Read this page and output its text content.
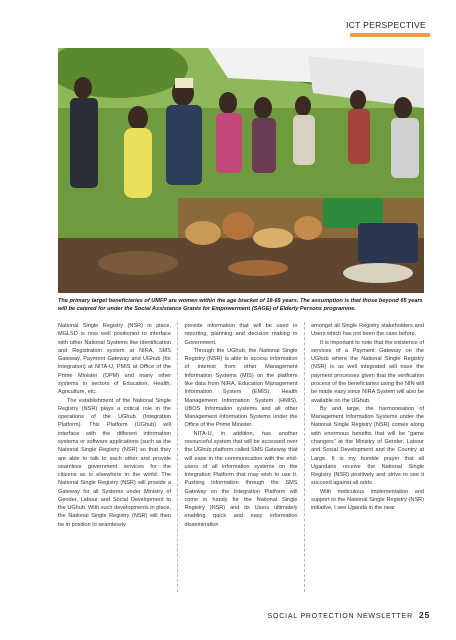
ICT PERSPECTIVE
The primary target beneficiaries of UMFP are women within the age bracket of 18-65 years. The assumption is that those beyond 65 years will be catered for under the Social Assistance Grants for Empowerment (SAGE) of Elderly Persons programme.

National Single Registry (NSR) in place, MGLSD is now well positioned to interface with other National Systems like identification and Registration system at NIRA, SMS Gateway, Payment Gateway and UGhub (for integration) at NITA-U, PMIS at Office of the Prime Minister (OPM) and many other systems in sectors of Education, Health, Agriculture, etc.

The establishment of the National Single Registry (NSR) plays a critical role in the operations of the UGhub (Integration Platform). This Platform (UGhub) will interface with the different information systems or software applications (such as the National Single Registry (NSR) so that they are able to talk to each other and provide seamless government services for the citizens as is elsewhere in the world. The National Single Registry (NSR) will provide a Gateway for all Systems under Ministry of Gender, Labour and Social Development to the UGhub. With such developments in place, the National Single Registry (NSR) will then be in position to seamlessly

provide information that will be used in reporting, planning and decision making in Government.

Through the UGhub, the National Single Registry (NSR) is able to access information of interest from other Management Information Systems (MIS) on the platform like data from NIRA, Education Management Information System (EMIS), Health Management Information System (HMIS), UBOS Information systems and all other Management Information Systems under the Office of the Prime Minister.

NITA-U, in addition, has another resourceful system that will be accessed over the UGhub platform called SMS Gateway that will ease in the communication with the end-users of all information systems on the Integration Platform that may wish to use it. Pushing information through the SMS Gateway on the Integration Platform will come in handy for the National Single Registry (NSR) and its Users ultimately enabling quick and easy information dissemination

amongst all Single Registry stakeholders and Users which has not been the case before.

It is important to note that the existence of services of a Payment Gateway on the UGhub where the National Single Registry (NSR) is as well integrated will ease the payment processes given that the verification process of the beneficiaries using the NIN will be made easy since NIRA System will also be available on the UGhub.

By and large, the harmonisation of Management Information Systems under the National Single Registry (NSR) comes along with enormous benefits that will be “game changers” at the Ministry of Gender, Labour and Social Development and the Country at Large. It is my humble prayer that all Ugandans receive the National Single Registry (NSR) positively and strive to see it succeed against all odds.

With meticulous implementation and support to the National Single Registry (NSR) initiative, I see Uganda in the near

SOCIAL PROTECTION NEWSLETTER 25
